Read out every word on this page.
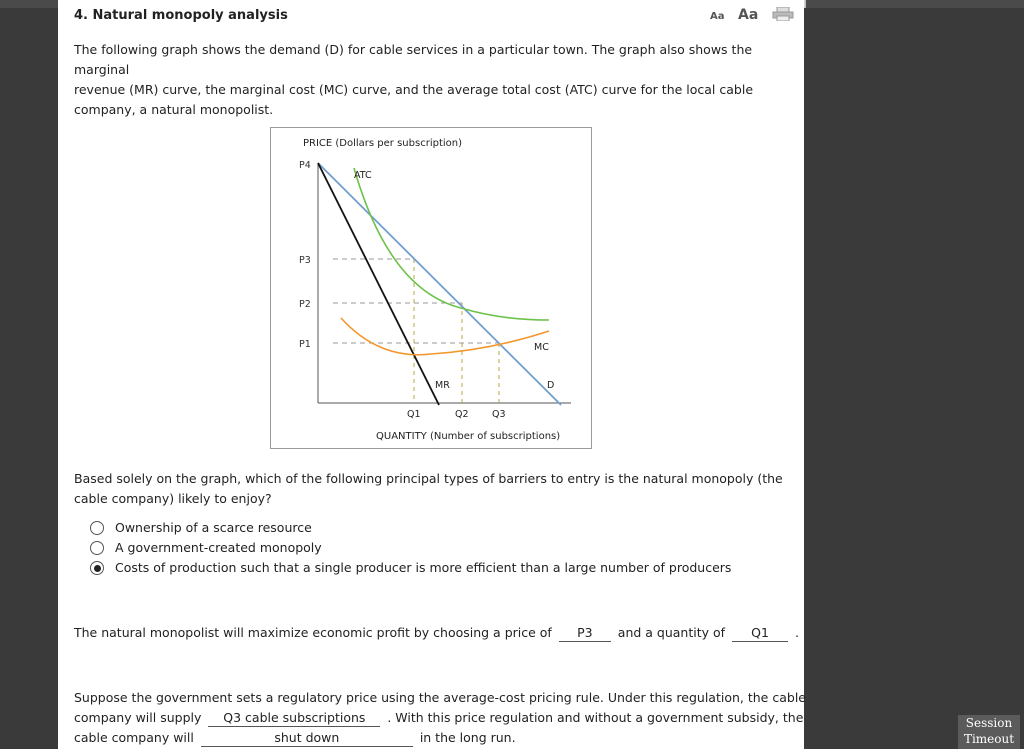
4. Natural monopoly analysis	Aa Aa
The following graph shows the demand (D) for cable services in a particular town. The graph also shows the marginal
revenue (MR) curve, the marginal cost (MC) curve, and the average total cost (ATC) curve for the local cable
company, a natural monopolist.
PRICE (Dollars per subscription)
P4
P3
P2
P1
ATC
MC
MR	D
Q1	Q2 Q3
QUANTITY (Number of subscriptions)
Based solely on the graph, which of the following principal types of barriers to entry is the natural monopoly (the
cable company) likely to enjoy?
Ownership of a scarce resource
A government-created monopoly
Costs of production such that a single producer is more efficient than a large number of producers
The natural monopolist will maximize economic profit by choosing a price of P3 and a quantity of Q1 .
Suppose the government sets a regulatory price using the average-cost pricing rule. Under this regulation, the cable
company will supply Q3 cable subscriptions . With this price regulation and without a government subsidy, the
cable company will	shut down	in the long run.
Session
Timeout
